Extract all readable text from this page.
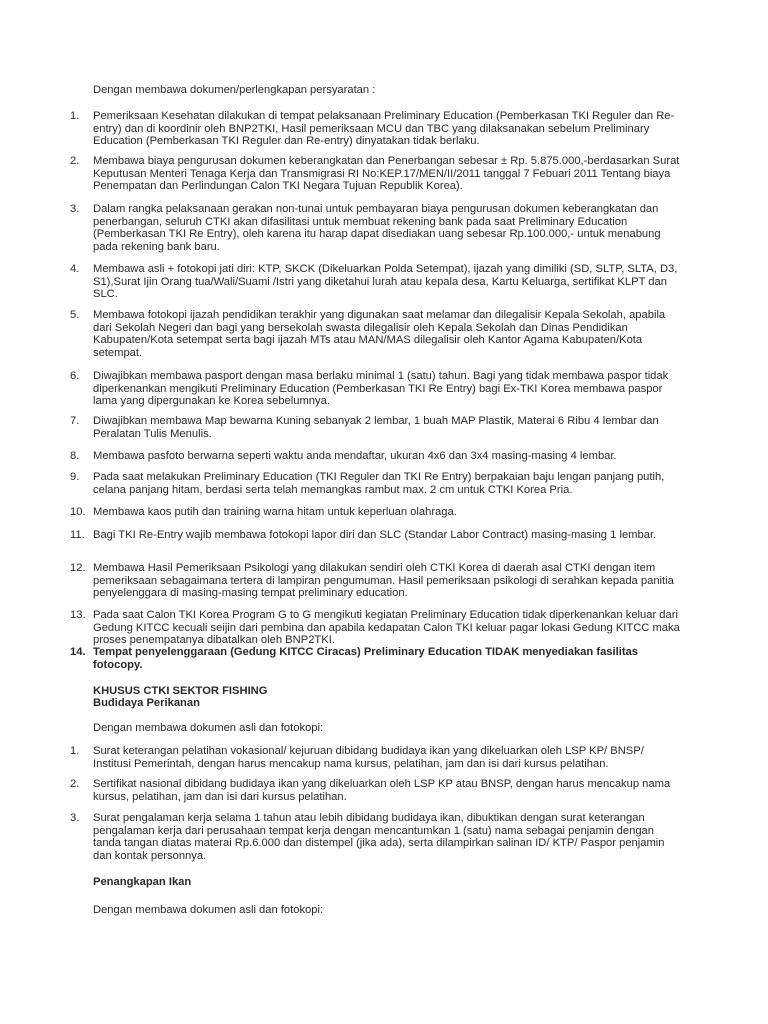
Dengan membawa dokumen/perlengkapan persyaratan :

1.	Pemeriksaan Kesehatan dilakukan di tempat pelaksanaan Preliminary Education (Pemberkasan TKI Reguler dan Re-entry) dan di koordinir oleh BNP2TKI, Hasil pemeriksaan MCU dan TBC yang dilaksanakan sebelum Preliminary Education (Pemberkasan TKI Reguler dan Re-entry) dinyatakan tidak berlaku.
2.	Membawa biaya pengurusan dokumen keberangkatan dan Penerbangan sebesar ± Rp. 5.875.000,-berdasarkan Surat Keputusan Menteri Tenaga Kerja dan Transmigrasi RI No:KEP.17/MEN/II/2011 tanggal 7 Febuari 2011 Tentang biaya Penempatan dan Perlindungan Calon TKI Negara Tujuan Republik Korea).
3.	Dalam rangka pelaksanaan gerakan non-tunai untuk pembayaran biaya pengurusan dokumen keberangkatan dan penerbangan, seluruh CTKI akan difasilitasi untuk membuat rekening bank pada saat Preliminary Education (Pemberkasan TKI Re Entry), oleh karena itu harap dapat disediakan uang sebesar Rp.100.000,- untuk menabung pada rekening bank baru.
4.	Membawa asli + fotokopi jati diri: KTP, SKCK (Dikeluarkan Polda Setempat), ijazah yang dimiliki (SD, SLTP, SLTA, D3, S1),Surat Ijin Orang tua/Wali/Suami /Istri yang diketahui lurah atau kepala desa, Kartu Keluarga, sertifikat KLPT dan SLC.
5.	Membawa fotokopi ijazah pendidikan terakhir yang digunakan saat melamar dan dilegalisir Kepala Sekolah, apabila dari Sekolah Negeri dan bagi yang bersekolah swasta dilegalisir oleh Kepala Sekolah dan Dinas Pendidikan Kabupaten/Kota setempat serta bagi ijazah MTs atau MAN/MAS dilegalisir oleh Kantor Agama Kabupaten/Kota setempat.
6.	Diwajibkan membawa pasport dengan masa berlaku minimal 1 (satu) tahun. Bagi yang tidak membawa paspor tidak diperkenankan mengikuti Preliminary Education (Pemberkasan TKI Re Entry) bagi Ex-TKI Korea membawa paspor lama yang dipergunakan ke Korea sebelumnya.
7.	Diwajibkan membawa Map bewarna Kuning sebanyak 2 lembar, 1 buah MAP Plastik, Materai 6 Ribu 4 lembar dan Peralatan Tulis Menulis.
8.	Membawa pasfoto berwarna seperti waktu anda mendaftar, ukuran 4x6 dan 3x4 masing-masing 4 lembar.
9.	Pada saat melakukan Preliminary Education (TKI Reguler dan TKI Re Entry) berpakaian baju lengan panjang putih, celana panjang hitam, berdasi serta telah memangkas rambut max. 2 cm untuk CTKI Korea Pria.
10. Membawa kaos putih dan training warna hitam untuk keperluan olahraga.
11. Bagi TKI Re-Entry wajib membawa fotokopi lapor diri dan SLC (Standar Labor Contract) masing-masing 1 lembar.
12. Membawa Hasil Pemeriksaan Psikologi yang dilakukan sendiri oleh CTKI Korea di daerah asal CTKI dengan item pemeriksaan sebagaimana tertera di lampiran pengumuman. Hasil pemeriksaan psikologi di serahkan kepada panitia penyelenggara di masing-masing tempat preliminary education.
13. Pada saat Calon TKI Korea Program G to G mengikuti kegiatan Preliminary Education tidak diperkenankan keluar dari Gedung KITCC kecuali seijin dari pembina dan apabila kedapatan Calon TKI keluar pagar lokasi Gedung KITCC maka proses penempatanya dibatalkan oleh BNP2TKI.
14. Tempat penyelenggaraan (Gedung KITCC Ciracas) Preliminary Education TIDAK menyediakan fasilitas fotocopy.

KHUSUS CTKI SEKTOR FISHING

Budidaya Perikanan

Dengan membawa dokumen asli dan fotokopi:

1.	Surat keterangan pelatihan vokasional/ kejuruan dibidang budidaya ikan yang dikeluarkan oleh LSP KP/ BNSP/ Institusi Pemerintah, dengan harus mencakup nama kursus, pelatihan, jam dan isi dari kursus pelatihan.
2.	Sertifikat nasional dibidang budidaya ikan yang dikeluarkan oleh LSP KP atau BNSP, dengan harus mencakup nama kursus, pelatihan, jam dan isi dari kursus pelatihan.
3.	Surat pengalaman kerja selama 1 tahun atau lebih dibidang budidaya ikan, dibuktikan dengan surat keterangan pengalaman kerja dari perusahaan tempat kerja dengan mencantumkan 1 (satu) nama sebagai penjamin dengan tanda tangan diatas materai Rp.6.000 dan distempel (jika ada), serta dilampirkan salinan ID/ KTP/ Paspor penjamin dan kontak personnya.

Penangkapan Ikan

Dengan membawa dokumen asli dan fotokopi:
